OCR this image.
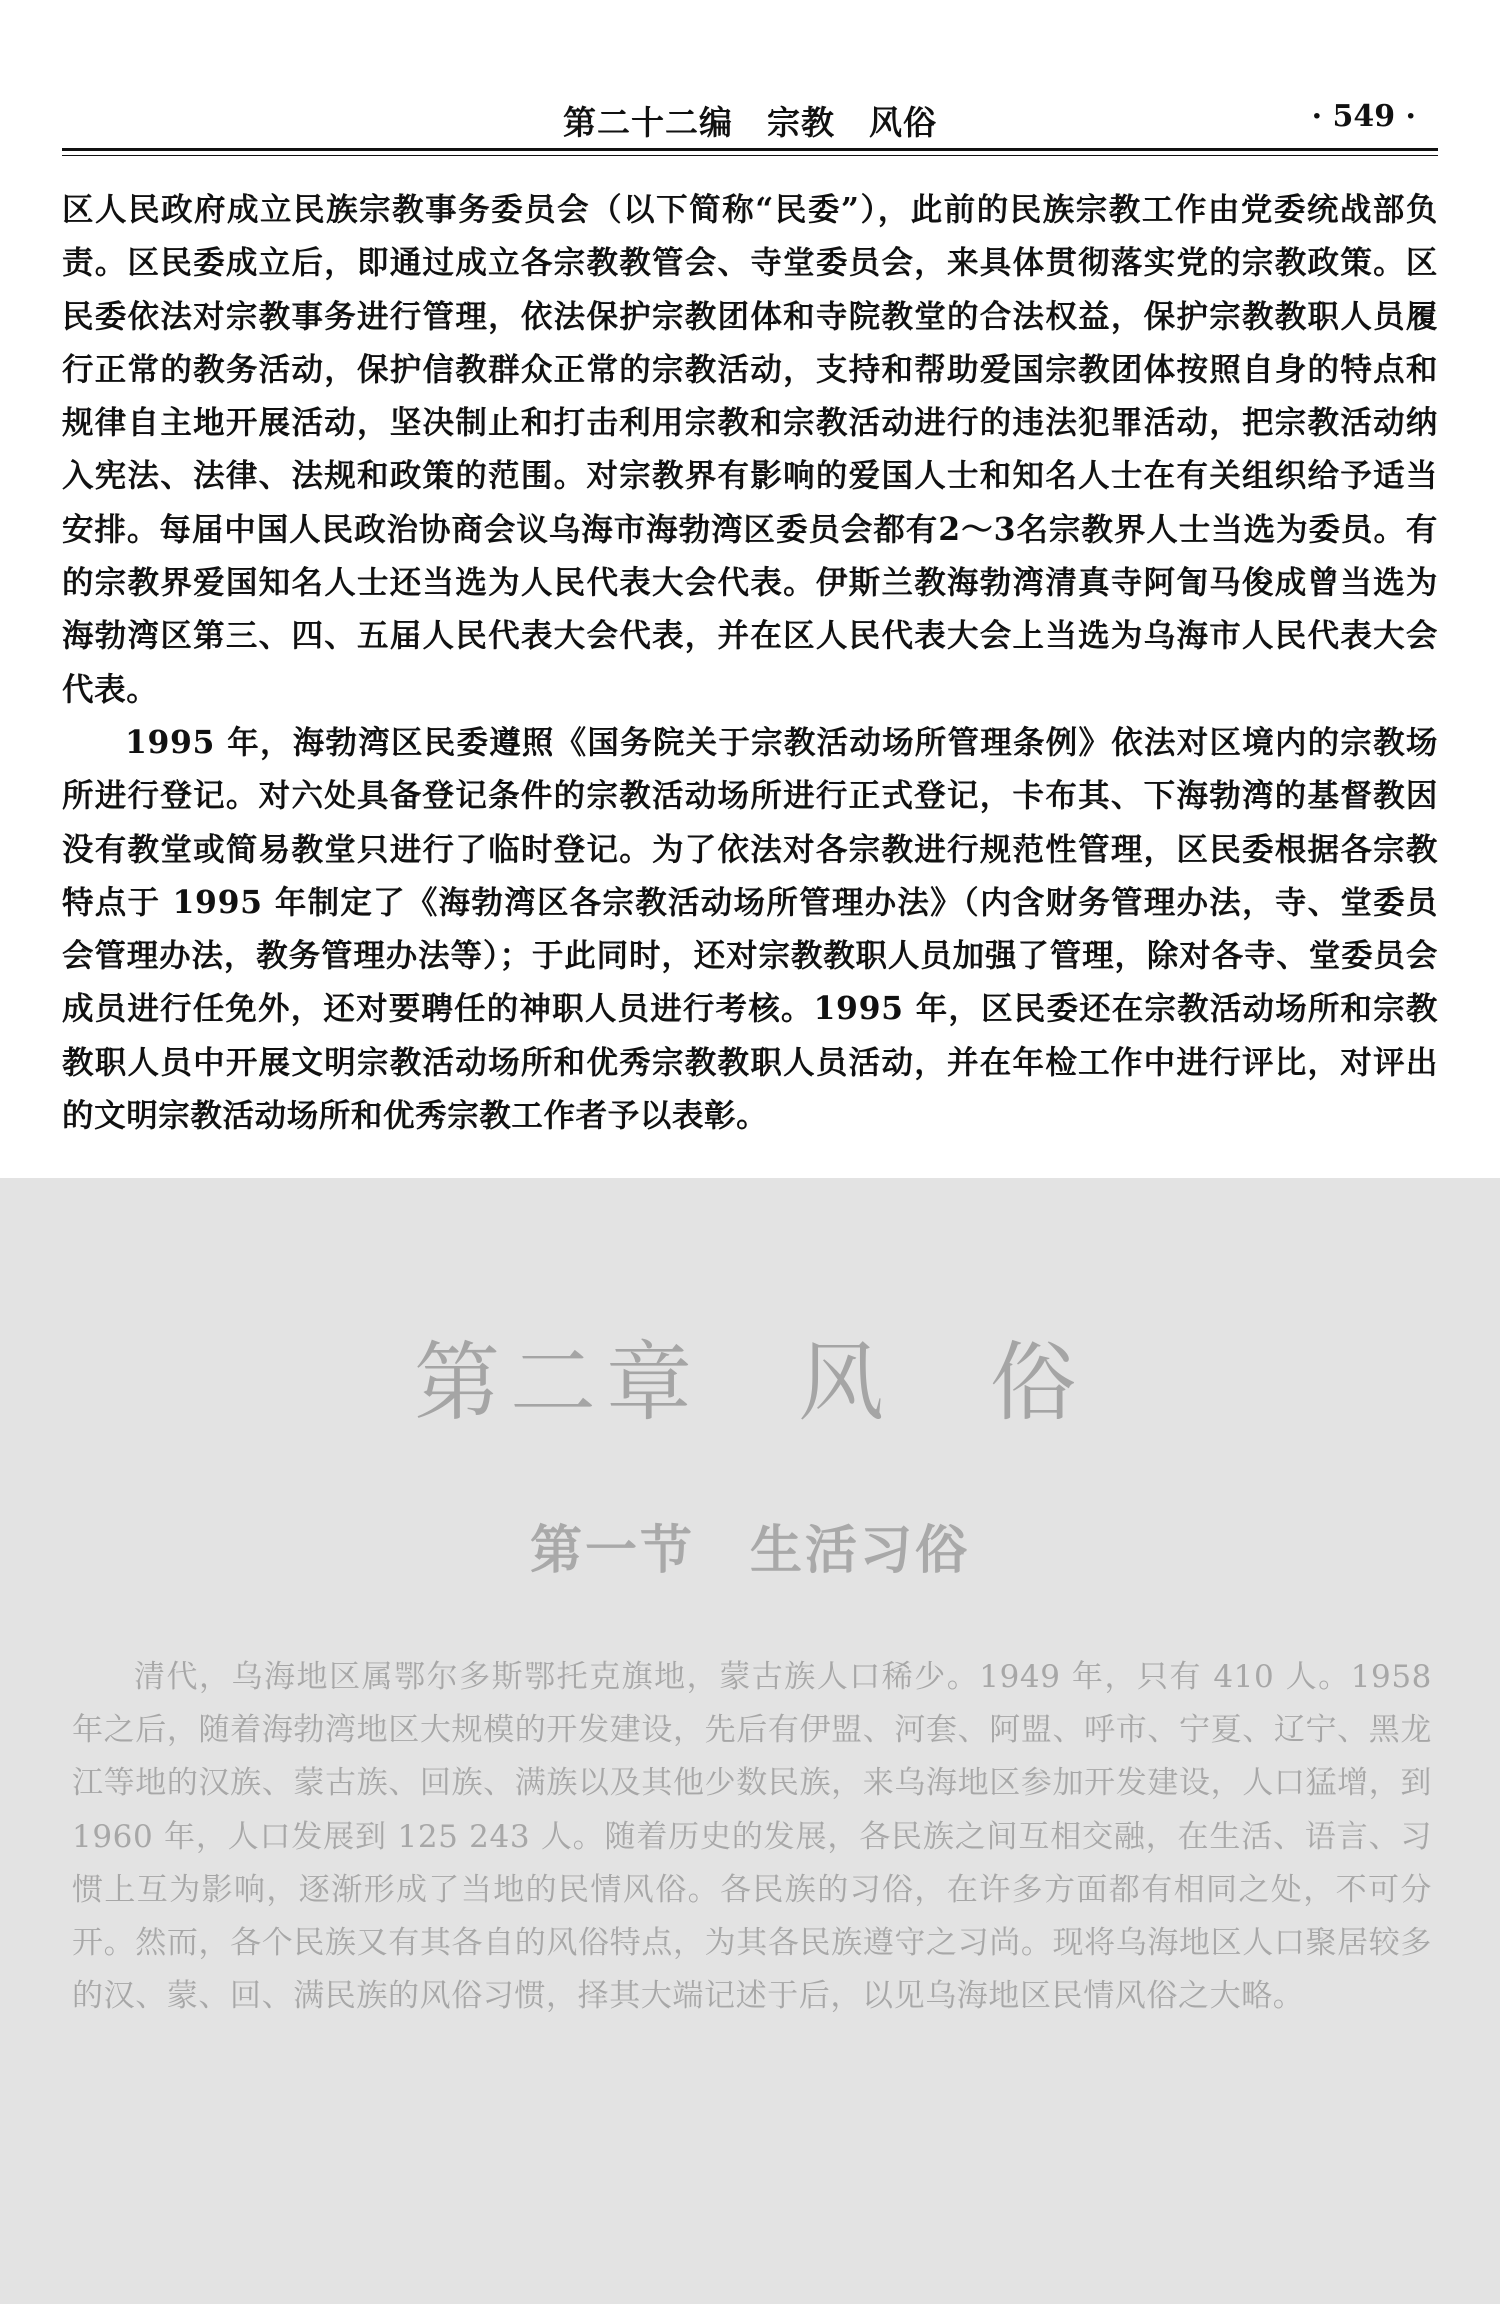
第二十二编　宗教　风俗	· 549 ·

区人民政府成立民族宗教事务委员会（以下简称“民委”），此前的民族宗教工作由党委统战部负责。区民委成立后，即通过成立各宗教教管会、寺堂委员会，来具体贯彻落实党的宗教政策。区民委依法对宗教事务进行管理，依法保护宗教团体和寺院教堂的合法权益，保护宗教教职人员履行正常的教务活动，保护信教群众正常的宗教活动，支持和帮助爱国宗教团体按照自身的特点和规律自主地开展活动，坚决制止和打击利用宗教和宗教活动进行的违法犯罪活动，把宗教活动纳入宪法、法律、法规和政策的范围。对宗教界有影响的爱国人士和知名人士在有关组织给予适当安排。每届中国人民政治协商会议乌海市海勃湾区委员会都有2～3名宗教界人士当选为委员。有的宗教界爱国知名人士还当选为人民代表大会代表。伊斯兰教海勃湾清真寺阿訇马俊成曾当选为海勃湾区第三、四、五届人民代表大会代表，并在区人民代表大会上当选为乌海市人民代表大会代表。

1995 年，海勃湾区民委遵照《国务院关于宗教活动场所管理条例》依法对区境内的宗教场所进行登记。对六处具备登记条件的宗教活动场所进行正式登记，卡布其、下海勃湾的基督教因没有教堂或简易教堂只进行了临时登记。为了依法对各宗教进行规范性管理，区民委根据各宗教特点于 1995 年制定了《海勃湾区各宗教活动场所管理办法》（内含财务管理办法，寺、堂委员会管理办法，教务管理办法等）；于此同时，还对宗教教职人员加强了管理，除对各寺、堂委员会成员进行任免外，还对要聘任的神职人员进行考核。1995 年，区民委还在宗教活动场所和宗教教职人员中开展文明宗教活动场所和优秀宗教教职人员活动，并在年检工作中进行评比，对评出的文明宗教活动场所和优秀宗教工作者予以表彰。

第二章　风　俗
第一节　生活习俗

清代，乌海地区属鄂尔多斯鄂托克旗地，蒙古族人口稀少。1949 年，只有 410 人。1958 年之后，随着海勃湾地区大规模的开发建设，先后有伊盟、河套、阿盟、呼市、宁夏、辽宁、黑龙江等地的汉族、蒙古族、回族、满族以及其他少数民族，来乌海地区参加开发建设，人口猛增，到 1960 年，人口发展到 125 243 人。随着历史的发展，各民族之间互相交融，在生活、语言、习惯上互为影响，逐渐形成了当地的民情风俗。各民族的习俗，在许多方面都有相同之处，不可分开。然而，各个民族又有其各自的风俗特点，为其各民族遵守之习尚。现将乌海地区人口聚居较多的汉、蒙、回、满民族的风俗习惯，择其大端记述于后，以见乌海地区民情风俗之大略。
